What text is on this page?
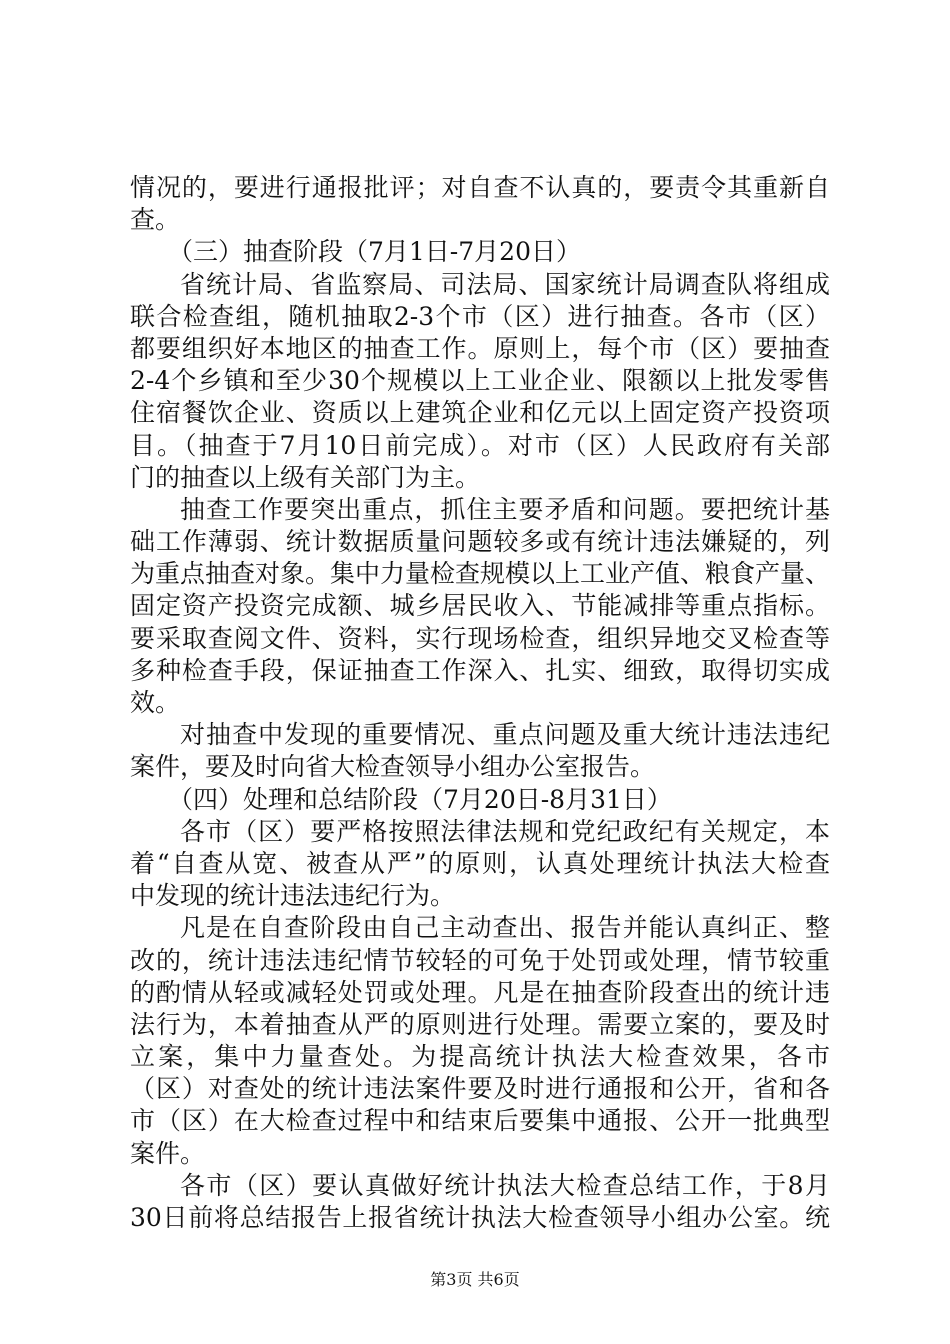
情况的，要进行通报批评；对自查不认真的，要责令其重新自
查。
（三）抽查阶段（7月1日-7月20日）
省统计局、省监察局、司法局、国家统计局调查队将组成
联合检查组，随机抽取2-3个市（区）进行抽查。各市（区）
都要组织好本地区的抽查工作。原则上，每个市（区）要抽查
2-4个乡镇和至少30个规模以上工业企业、限额以上批发零售
住宿餐饮企业、资质以上建筑企业和亿元以上固定资产投资项
目。（抽查于7月10日前完成）。对市（区）人民政府有关部
门的抽查以上级有关部门为主。
抽查工作要突出重点，抓住主要矛盾和问题。要把统计基
础工作薄弱、统计数据质量问题较多或有统计违法嫌疑的，列
为重点抽查对象。集中力量检查规模以上工业产值、粮食产量、
固定资产投资完成额、城乡居民收入、节能减排等重点指标。
要采取查阅文件、资料，实行现场检查，组织异地交叉检查等
多种检查手段，保证抽查工作深入、扎实、细致，取得切实成
效。
对抽查中发现的重要情况、重点问题及重大统计违法违纪
案件，要及时向省大检查领导小组办公室报告。
（四）处理和总结阶段（7月20日-8月31日）
各市（区）要严格按照法律法规和党纪政纪有关规定，本
着“自查从宽、被查从严”的原则，认真处理统计执法大检查
中发现的统计违法违纪行为。
凡是在自查阶段由自己主动查出、报告并能认真纠正、整
改的，统计违法违纪情节较轻的可免于处罚或处理，情节较重
的酌情从轻或减轻处罚或处理。凡是在抽查阶段查出的统计违
法行为，本着抽查从严的原则进行处理。需要立案的，要及时
立案，集中力量查处。为提高统计执法大检查效果，各市
（区）对查处的统计违法案件要及时进行通报和公开，省和各
市（区）在大检查过程中和结束后要集中通报、公开一批典型
案件。
各市（区）要认真做好统计执法大检查总结工作，于8月
30日前将总结报告上报省统计执法大检查领导小组办公室。统
第3页 共6页
